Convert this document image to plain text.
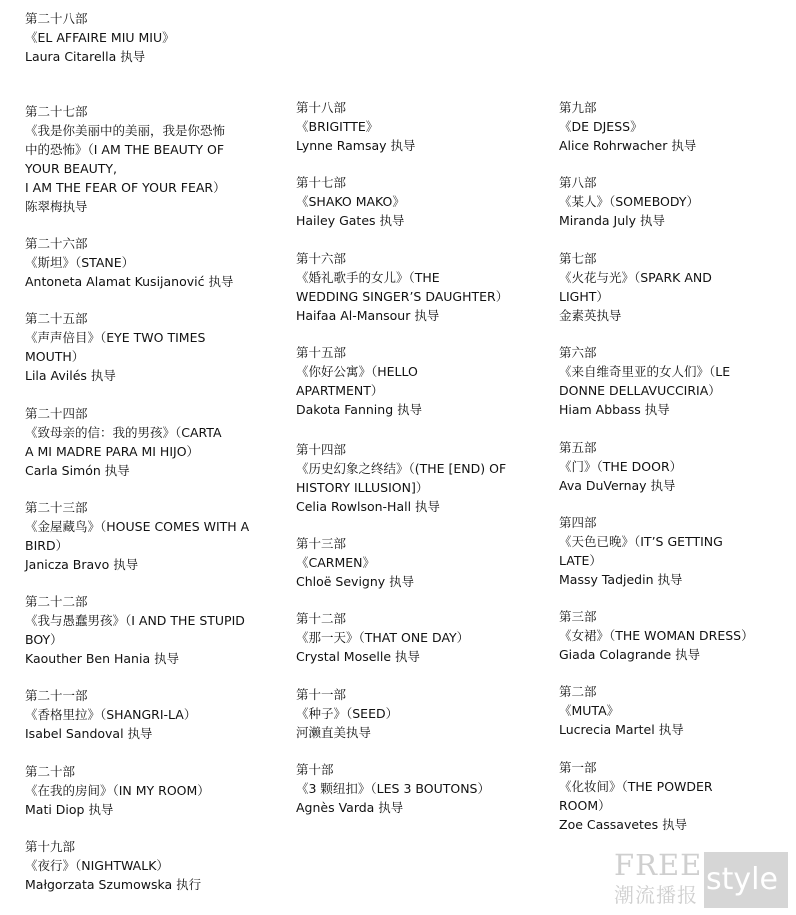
第二十八部
《EL AFFAIRE MIU MIU》
Laura Citarella 执导
第二十七部
《我是你美丽中的美丽，我是你恐怖
中的恐怖》（I AM THE BEAUTY OF
YOUR BEAUTY,
I AM THE FEAR OF YOUR FEAR）
陈翠梅执导
第二十六部
《斯坦》（STANE）
Antoneta Alamat Kusijanović 执导
第二十五部
《声声倍目》（EYE TWO TIMES
MOUTH）
Lila Avilés 执导
第二十四部
《致母亲的信：我的男孩》（CARTA
A MI MADRE PARA MI HIJO）
Carla Simón 执导
第二十三部
《金屋藏鸟》（HOUSE COMES WITH A
BIRD）
Janicza Bravo 执导
第二十二部
《我与愚蠢男孩》（I AND THE STUPID
BOY）
Kaouther Ben Hania 执导
第二十一部
《香格里拉》（SHANGRI-LA）
Isabel Sandoval 执导
第二十部
《在我的房间》（IN MY ROOM）
Mati Diop 执导
第十九部
《夜行》（NIGHTWALK）
Małgorzata Szumowska 执行
第十八部
《BRIGITTE》
Lynne Ramsay 执导
第十七部
《SHAKO MAKO》
Hailey Gates 执导
第十六部
《婚礼歌手的女儿》（THE
WEDDING SINGER’S DAUGHTER）
Haifaa Al-Mansour 执导
第十五部
《你好公寓》（HELLO
APARTMENT）
Dakota Fanning 执导
第十四部
《历史幻象之终结》（(THE [END) OF
HISTORY ILLUSION]）
Celia Rowlson-Hall 执导
第十三部
《CARMEN》
Chloë Sevigny 执导
第十二部
《那一天》（THAT ONE DAY）
Crystal Moselle 执导
第十一部
《种子》（SEED）
河濑直美执导
第十部
《3 颗纽扣》（LES 3 BOUTONS）
Agnès Varda 执导
第九部
《DE DJESS》
Alice Rohrwacher 执导
第八部
《某人》（SOMEBODY）
Miranda July 执导
第七部
《火花与光》（SPARK AND
LIGHT）
金素英执导
第六部
《来自维奇里亚的女人们》（LE
DONNE DELLAVUCCIRIA）
Hiam Abbass 执导
第五部
《门》（THE DOOR）
Ava DuVernay 执导
第四部
《天色已晚》（IT’S GETTING
LATE）
Massy Tadjedin 执导
第三部
《女裙》（THE WOMAN DRESS）
Giada Colagrande 执导
第二部
《MUTA》
Lucrecia Martel 执导
第一部
《化妆间》（THE POWDER
ROOM）
Zoe Cassavetes 执导
FREE
潮流播报 style
